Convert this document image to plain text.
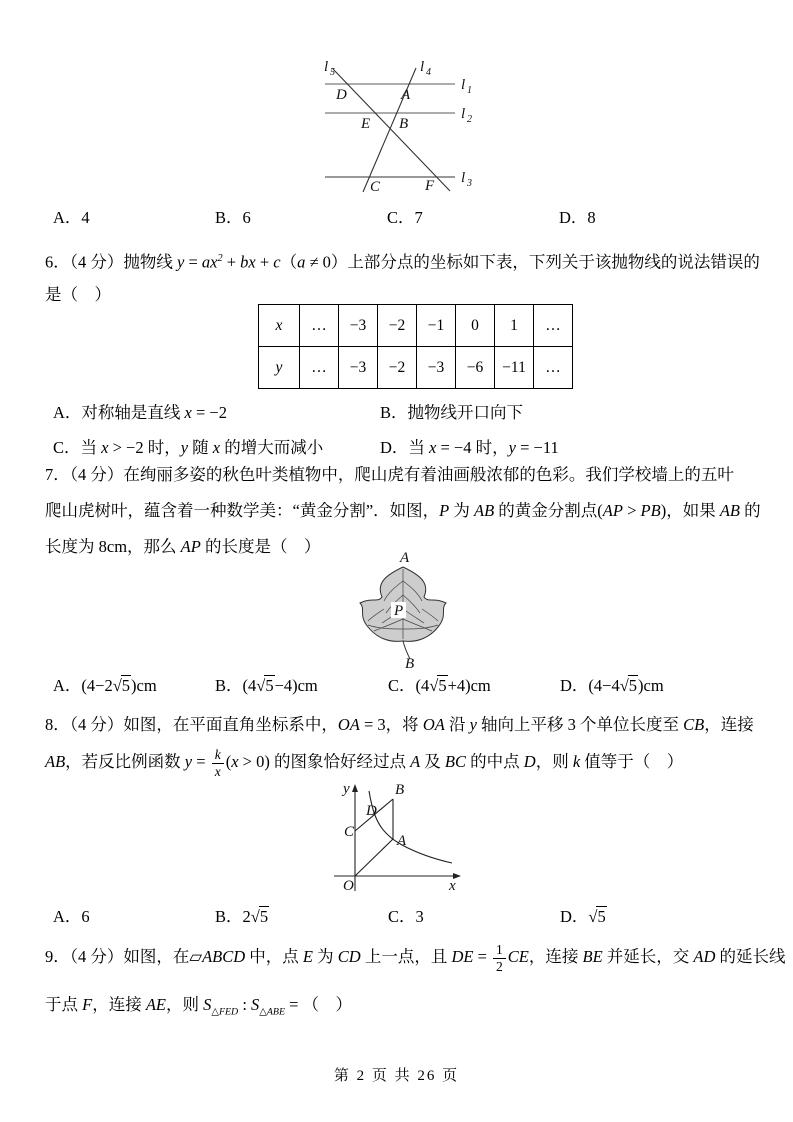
l 5	l 4
l 1
l 2
l 3
D	A
E B
C	F
A．4	B．6	C．7	D．8
6．（4 分）抛物线 $y = ax^2$ + bx + c（a ≠ 0）上部分点的坐标如下表，下列关于该抛物线的说法错误的
是（　）
x	…	−3	−2	−1	0	1	…
y	…	−3	−2	−3	−6	−11	…
A．对称轴是直线 x = −2	B．抛物线开口向下
C．当 x > −2 时，y 随 x 的增大而减小	D．当 x = −4 时，y = −11
7．（4 分）在绚丽多姿的秋色叶类植物中，爬山虎有着油画般浓郁的色彩。我们学校墙上的五叶
爬山虎树叶，蕴含着一种数学美：“黄金分割”．如图，P 为 AB 的黄金分割点(AP > PB)，如果 AB 的
长度为 8cm，那么 AP 的长度是（　）
A
P
B
A．(4−2√5)cm	B．(4√5−4)cm	C．(4√5+4)cm	D．(4−4√5)cm
8．（4 分）如图，在平面直角坐标系中，OA = 3，将 OA 沿 y 轴向上平移 3 个单位长度至 CB，连接
AB，若反比例函数 $y = \frac{k}{x} (x > 0)$ 的图象恰好经过点 A 及 BC 的中点 D，则 k 值等于（　）
y
x
O
C
B
D
A
A．6	B．2√5	C．3	D．√5
9．（4 分）如图，在▱ABCD 中，点 E 为 CD 上一点，且 DE = $\frac{1}{2}$ CE，连接 BE 并延长，交 AD 的延长线
于点 F，连接 AE，则 $S_{\triangle FED}$ : $S_{\triangle ABE}$ = （　）
第 2 页 共 26 页
